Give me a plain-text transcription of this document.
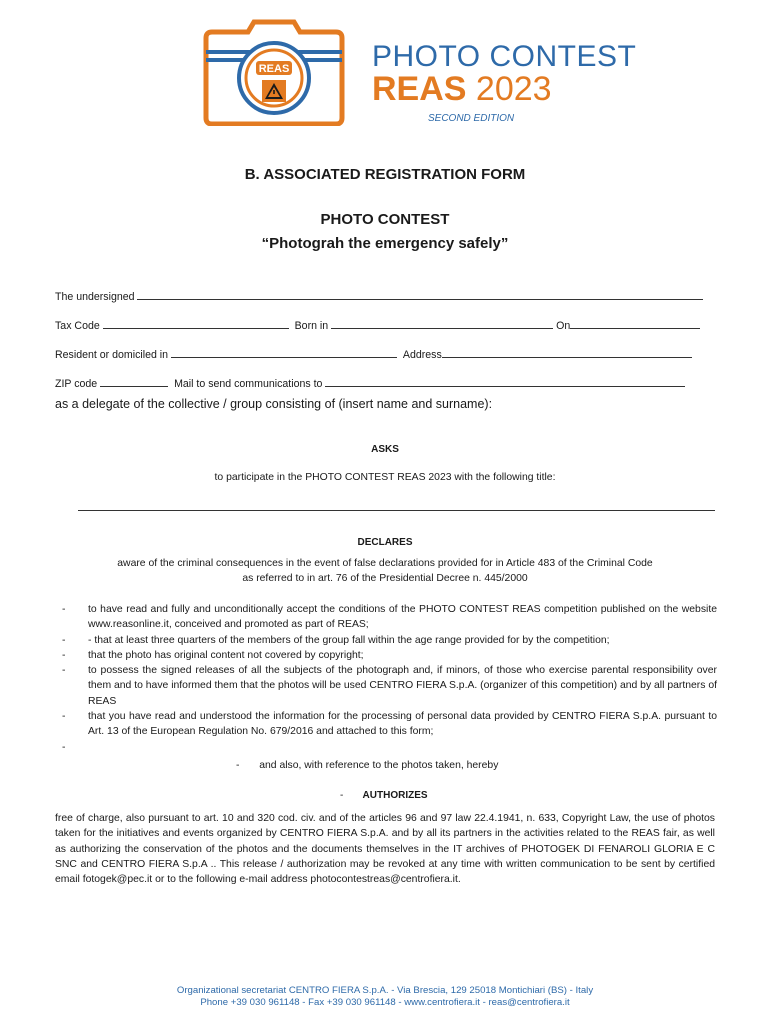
REAS	PHOTO CONTEST
REAS 2023
SECOND EDITION
B. ASSOCIATED REGISTRATION FORM
PHOTO CONTEST
“Photograh the emergency safely”
The undersigned
Tax Code	Born in	On
Resident or domiciled in	Address
ZIP code	Mail to send communications to
as a delegate of the collective / group consisting of (insert name and surname):
ASKS
to participate in the PHOTO CONTEST REAS 2023 with the following title:
DECLARES
aware of the criminal consequences in the event of false declarations provided for in Article 483 of the Criminal Code
as referred to in art. 76 of the Presidential Decree n. 445/2000
- to have read and fully and unconditionally accept the conditions of the PHOTO CONTEST REAS competition published on the website www.reasonline.it, conceived and promoted as part of REAS;
- - that at least three quarters of the members of the group fall within the age range provided for by the competition;
- that the photo has original content not covered by copyright;
- to possess the signed releases of all the subjects of the photograph and, if minors, of those who exercise parental responsibility over them and to have informed them that the photos will be used CENTRO FIERA S.p.A. (organizer of this competition) and by all partners of REAS
- that you have read and understood the information for the processing of personal data provided by CENTRO FIERA S.p.A. pursuant to Art. 13 of the European Regulation No. 679/2016 and attached to this form;
-
- and also, with reference to the photos taken, hereby
- AUTHORIZES
free of charge, also pursuant to art. 10 and 320 cod. civ. and of the articles 96 and 97 law 22.4.1941, n. 633, Copyright Law, the use of photos taken for the initiatives and events organized by CENTRO FIERA S.p.A. and by all its partners in the activities related to the REAS fair, as well as authorizing the conservation of the photos and the documents themselves in the IT archives of PHOTOGEK DI FENAROLI GLORIA E C SNC and CENTRO FIERA S.p.A .. This release / authorization may be revoked at any time with written communication to be sent by certified email fotogek@pec.it or to the following e-mail address photocontestreas@centrofiera.it.
Organizational secretariat CENTRO FIERA S.p.A. - Via Brescia, 129 25018 Montichiari (BS) - Italy
Phone +39 030 961148 - Fax +39 030 961148 - www.centrofiera.it - reas@centrofiera.it
